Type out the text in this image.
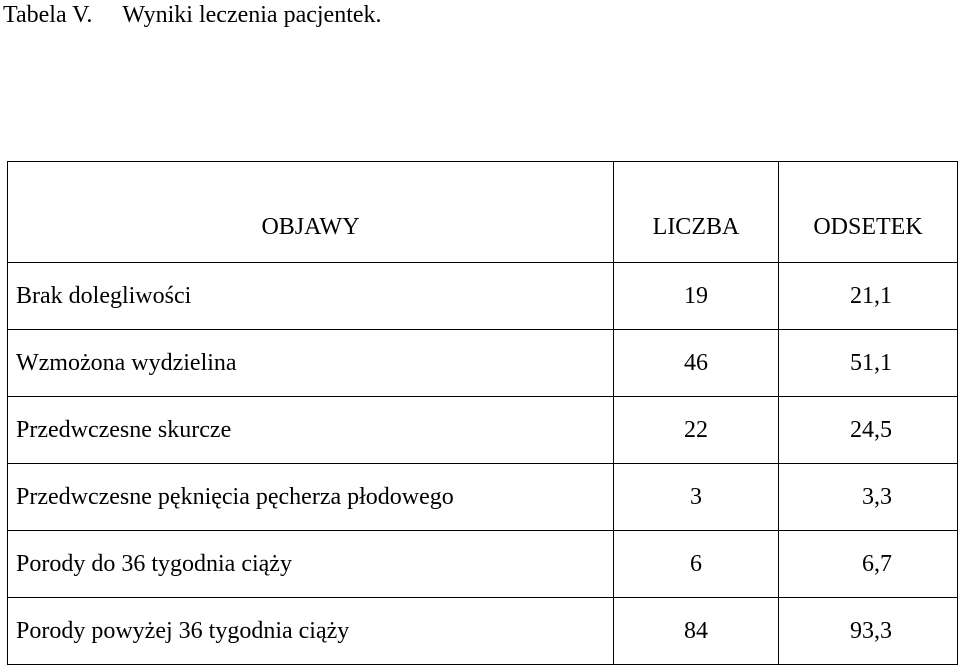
Tabela V. Wyniki leczenia pacjentek.
OBJAWY	LICZBA	ODSETEK
Brak dolegliwości	19	21,1
Wzmożona wydzielina	46	51,1
Przedwczesne skurcze	22	24,5
Przedwczesne pęknięcia pęcherza płodowego	3	3,3
Porody do 36 tygodnia ciąży	6	6,7
Porody powyżej 36 tygodnia ciąży	84	93,3
